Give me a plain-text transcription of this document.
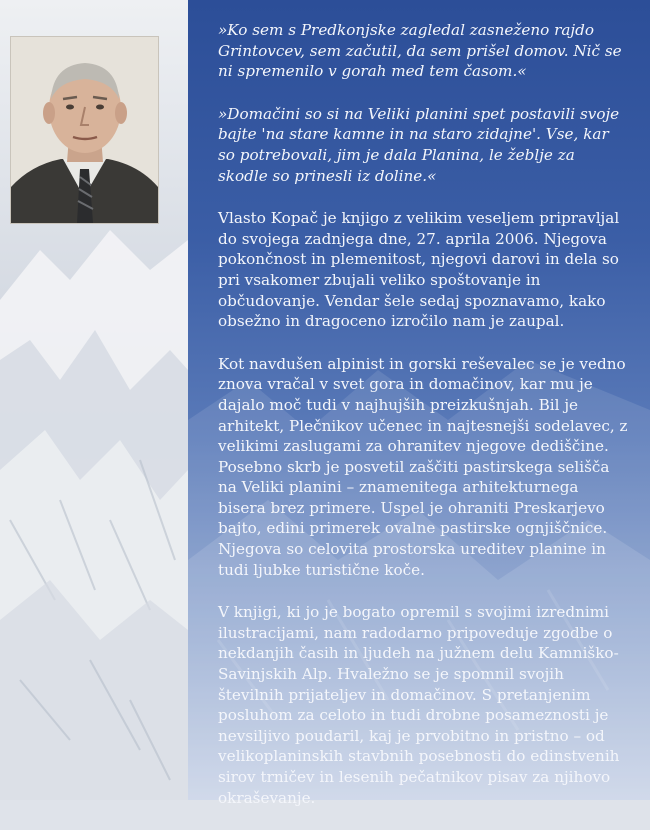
»Ko sem s Predkonjske zagledal zasneženo rajdo Grintovcev, sem začutil, da sem prišel domov. Nič se ni spremenilo v gorah med tem časom.«

»Domačini so si na Veliki planini spet postavili svoje bajte 'na stare kamne in na staro zidajne'. Vse, kar so potrebovali, jim je dala Planina, le žeblje za skodle so prinesli iz doline.«

Vlasto Kopač je knjigo z velikim veseljem pripravljal do svojega zadnjega dne, 27. aprila 2006. Njegova pokončnost in plemenitost, njegovi darovi in dela so pri vsakomer zbujali veliko spoštovanje in občudovanje. Vendar šele sedaj spoznavamo, kako obsežno in dragoceno izročilo nam je zaupal.

Kot navdušen alpinist in gorski reševalec se je vedno znova vračal v svet gora in domačinov, kar mu je dajalo moč tudi v najhujših preizkušnjah. Bil je arhitekt, Plečnikov učenec in najtesnejši sodelavec, z velikimi zaslugami za ohranitev njegove dediščine. Posebno skrb je posvetil zaščiti pastirskega selišča na Veliki planini – znamenitega arhitekturnega bisera brez primere. Uspel je ohraniti Preskarjevo bajto, edini primerek ovalne pastirske ognjiščnice. Njegova so celovita prostorska ureditev planine in tudi ljubke turistične koče.

V knjigi, ki jo je bogato opremil s svojimi izrednimi ilustracijami, nam radodarno pripoveduje zgodbe o nekdanjih časih in ljudeh na južnem delu Kamniško-Savinjskih Alp. Hvaležno se je spomnil svojih številnih prijateljev in domačinov. S pretanjenim posluhom za celoto in tudi drobne posameznosti je nevsiljivo poudaril, kaj je prvobitno in pristno – od velikoplaninskih stavbnih posebnosti do edinstvenih sirov trničev in lesenih pečatnikov pisav za njihovo okraševanje.
